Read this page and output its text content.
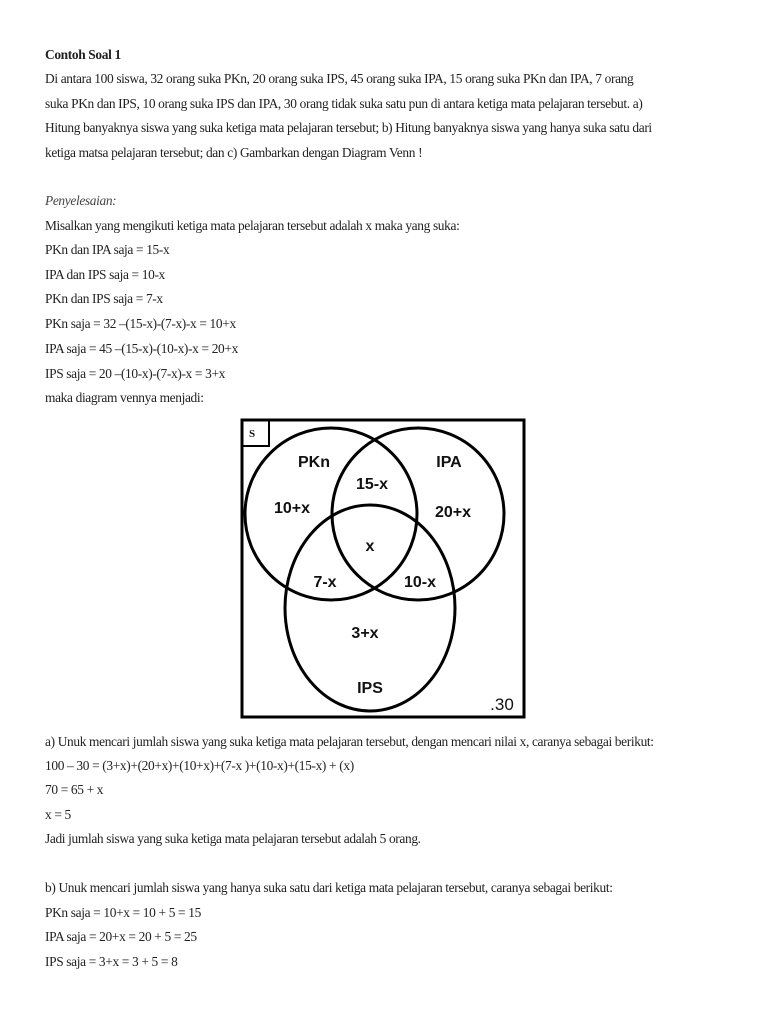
Contoh Soal 1
Di antara 100 siswa, 32 orang suka PKn, 20 orang suka IPS, 45 orang suka IPA, 15 orang suka PKn dan IPA, 7 orang
suka PKn dan IPS, 10 orang suka IPS dan IPA, 30 orang tidak suka satu pun di antara ketiga mata pelajaran tersebut. a)
Hitung banyaknya siswa yang suka ketiga mata pelajaran tersebut; b) Hitung banyaknya siswa yang hanya suka satu dari
ketiga matsa pelajaran tersebut; dan c) Gambarkan dengan Diagram Venn !
Penyelesaian:
Misalkan yang mengikuti ketiga mata pelajaran tersebut adalah x maka yang suka:
PKn dan IPA saja = 15-x
IPA dan IPS saja = 10-x
PKn dan IPS saja = 7-x
PKn saja = 32 –(15-x)-(7-x)-x = 10+x
IPA saja = 45 –(15-x)-(10-x)-x = 20+x
IPS saja = 20 –(10-x)-(7-x)-x = 3+x
maka diagram vennya menjadi:
S
PKn	IPA
IPS
10+x	20+x
15-x
x
7-x	10-x
3+x
.30
a) Unuk mencari jumlah siswa yang suka ketiga mata pelajaran tersebut, dengan mencari nilai x, caranya sebagai berikut:
100 – 30 = (3+x)+(20+x)+(10+x)+(7-x )+(10-x)+(15-x) + (x)
70 = 65 + x
x = 5
Jadi jumlah siswa yang suka ketiga mata pelajaran tersebut adalah 5 orang.
b) Unuk mencari jumlah siswa yang hanya suka satu dari ketiga mata pelajaran tersebut, caranya sebagai berikut:
PKn saja = 10+x = 10 + 5 = 15
IPA saja = 20+x = 20 + 5 = 25
IPS saja = 3+x = 3 + 5 = 8
